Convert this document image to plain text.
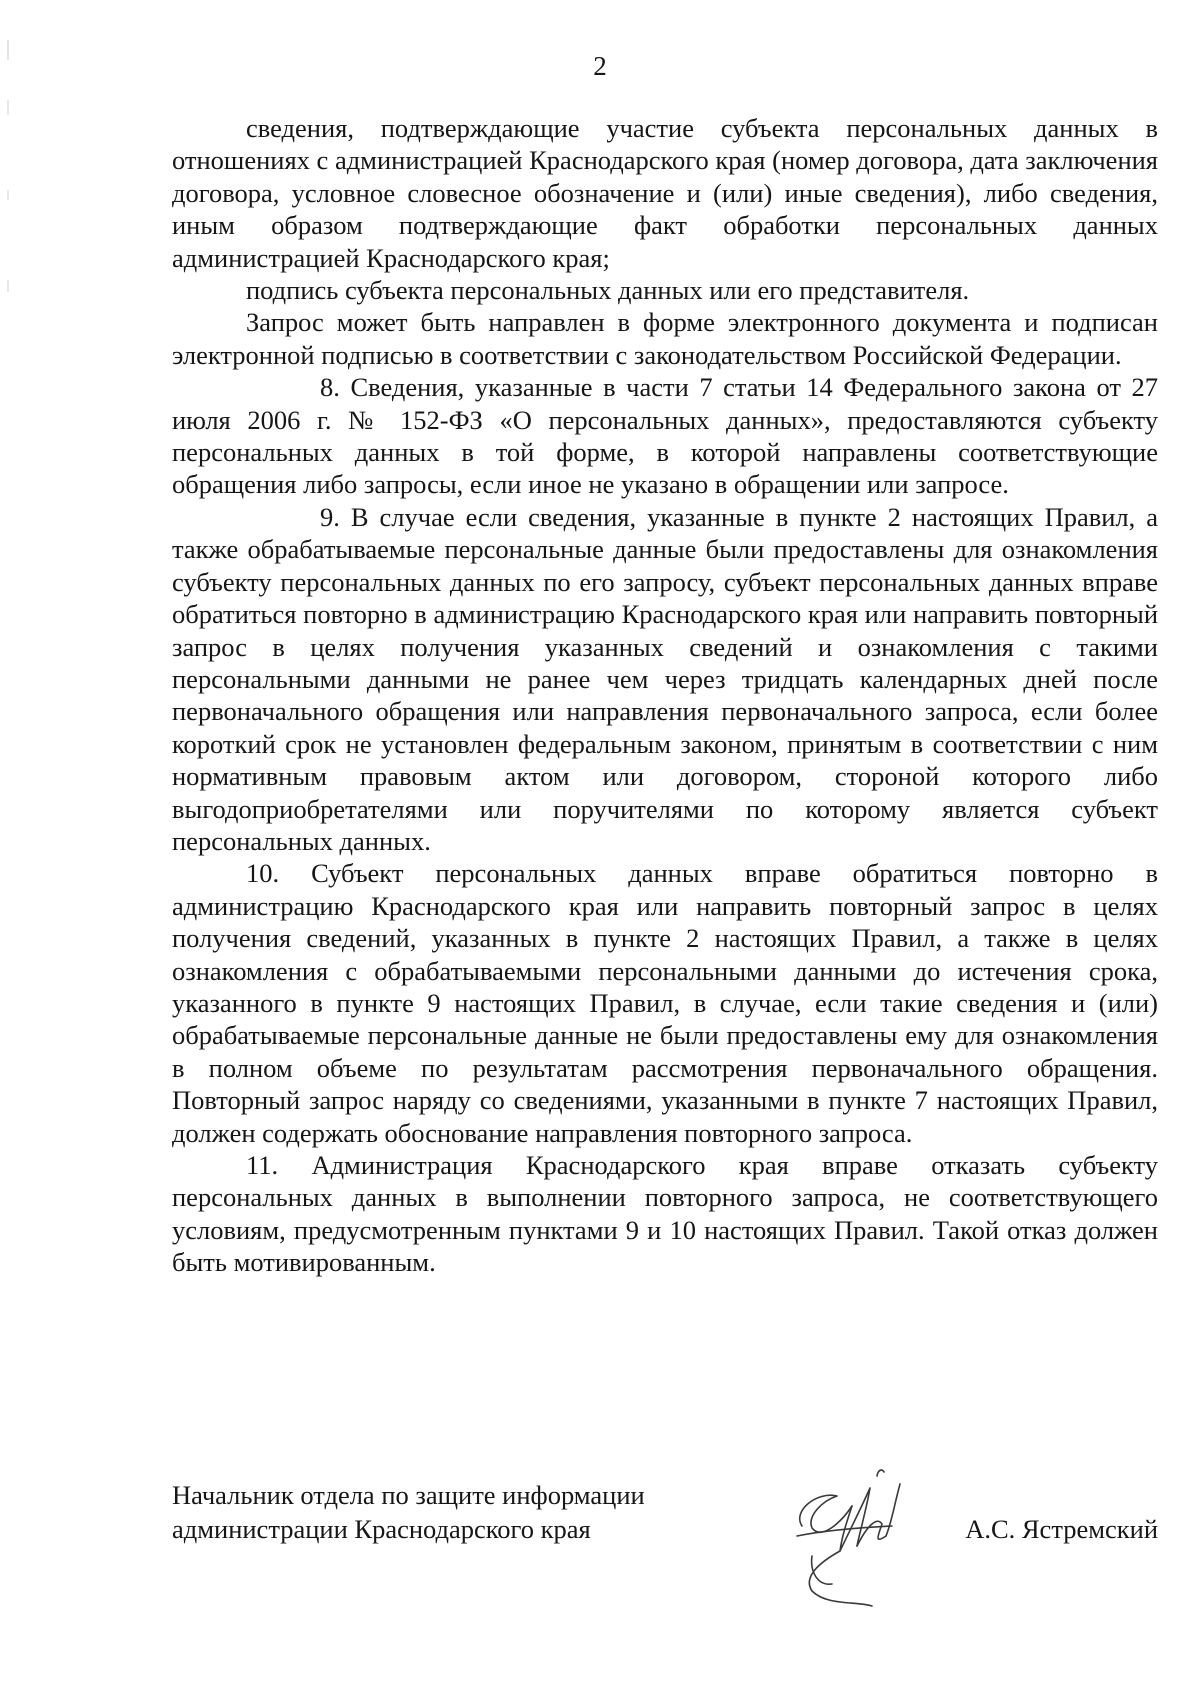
2

сведения, подтверждающие участие субъекта персональных данных в отношениях с администрацией Краснодарского края (номер договора, дата заключения договора, условное словесное обозначение и (или) иные сведения), либо сведения, иным образом подтверждающие факт обработки персональных данных администрацией Краснодарского края;

подпись субъекта персональных данных или его представителя.

Запрос может быть направлен в форме электронного документа и подписан электронной подписью в соответствии с законодательством Российской Федерации.

8. Сведения, указанные в части 7 статьи 14 Федерального закона от 27 июля 2006 г. № 152-ФЗ «О персональных данных», предоставляются субъекту персональных данных в той форме, в которой направлены соответствующие обращения либо запросы, если иное не указано в обращении или запросе.

9. В случае если сведения, указанные в пункте 2 настоящих Правил, а также обрабатываемые персональные данные были предоставлены для ознакомления субъекту персональных данных по его запросу, субъект персональных данных вправе обратиться повторно в администрацию Краснодарского края или направить повторный запрос в целях получения указанных сведений и ознакомления с такими персональными данными не ранее чем через тридцать календарных дней после первоначального обращения или направления первоначального запроса, если более короткий срок не установлен федеральным законом, принятым в соответствии с ним нормативным правовым актом или договором, стороной которого либо выгодоприобретателями или поручителями по которому является субъект персональных данных.

10. Субъект персональных данных вправе обратиться повторно в администрацию Краснодарского края или направить повторный запрос в целях получения сведений, указанных в пункте 2 настоящих Правил, а также в целях ознакомления с обрабатываемыми персональными данными до истечения срока, указанного в пункте 9 настоящих Правил, в случае, если такие сведения и (или) обрабатываемые персональные данные не были предоставлены ему для ознакомления в полном объеме по результатам рассмотрения первоначального обращения. Повторный запрос наряду со сведениями, указанными в пункте 7 настоящих Правил, должен содержать обоснование направления повторного запроса.

11. Администрация Краснодарского края вправе отказать субъекту персональных данных в выполнении повторного запроса, не соответствующего условиям, предусмотренным пунктами 9 и 10 настоящих Правил. Такой отказ должен быть мотивированным.

Начальник отдела по защите информации
администрации Краснодарского края	А.С. Ястремский
